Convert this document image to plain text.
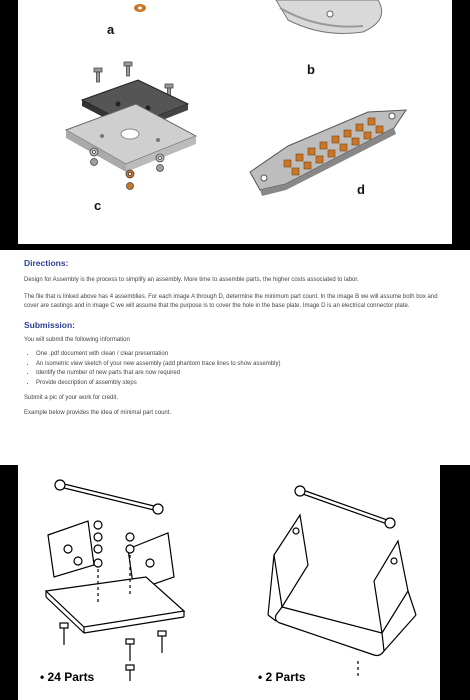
a
b
c
d
Directions:

Design for Assembly is the process to simplify an assembly. More time to assemble parts, the higher costs associated to labor.

The file that is linked above has 4 assemblies. For each image A through D, determine the minimum part count. In the image B we will assume both box and cover are castings and in image C we will assume that the purpose is to cover the hole in the base plate. Image D is an electrical connector plate.

Submission:

You will submit the following information

• One .pdf document with clean / clear presentation
• An isometric view sketch of your new assembly (add phantom trace lines to show assembly)
• Identify the number of new parts that are now required
• Provide description of assembly steps

Submit a pic of your work for credit.

Example below provides the idea of minimal part count.

• 24 Parts	• 2 Parts
